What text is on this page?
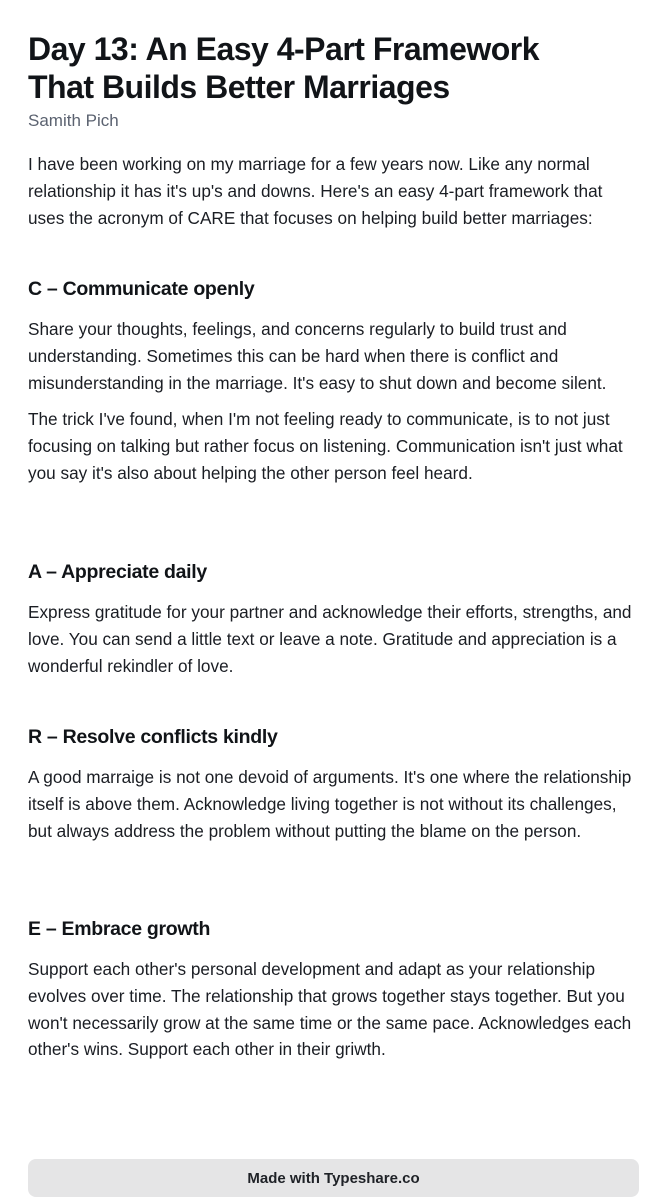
Day 13: An Easy 4-Part Framework
That Builds Better Marriages
Samith Pich

I have been working on my marriage for a few years now. Like any normal relationship it has it's up's and downs. Here's an easy 4-part framework that uses the acronym of CARE that focuses on helping build better marriages:

C – Communicate openly

Share your thoughts, feelings, and concerns regularly to build trust and understanding. Sometimes this can be hard when there is conflict and misunderstanding in the marriage. It's easy to shut down and become silent.

The trick I've found, when I'm not feeling ready to communicate, is to not just focusing on talking but rather focus on listening. Communication isn't just what you say it's also about helping the other person feel heard.

A – Appreciate daily

Express gratitude for your partner and acknowledge their efforts, strengths, and love. You can send a little text or leave a note. Gratitude and appreciation is a wonderful rekindler of love.

R – Resolve conflicts kindly

A good marraige is not one devoid of arguments. It's one where the relationship itself is above them. Acknowledge living together is not without its challenges, but always address the problem without putting the blame on the person.

E – Embrace growth

Support each other's personal development and adapt as your relationship evolves over time. The relationship that grows together stays together. But you won't necessarily grow at the same time or the same pace. Acknowledges each other's wins. Support each other in their griwth.

Made with Typeshare.co
